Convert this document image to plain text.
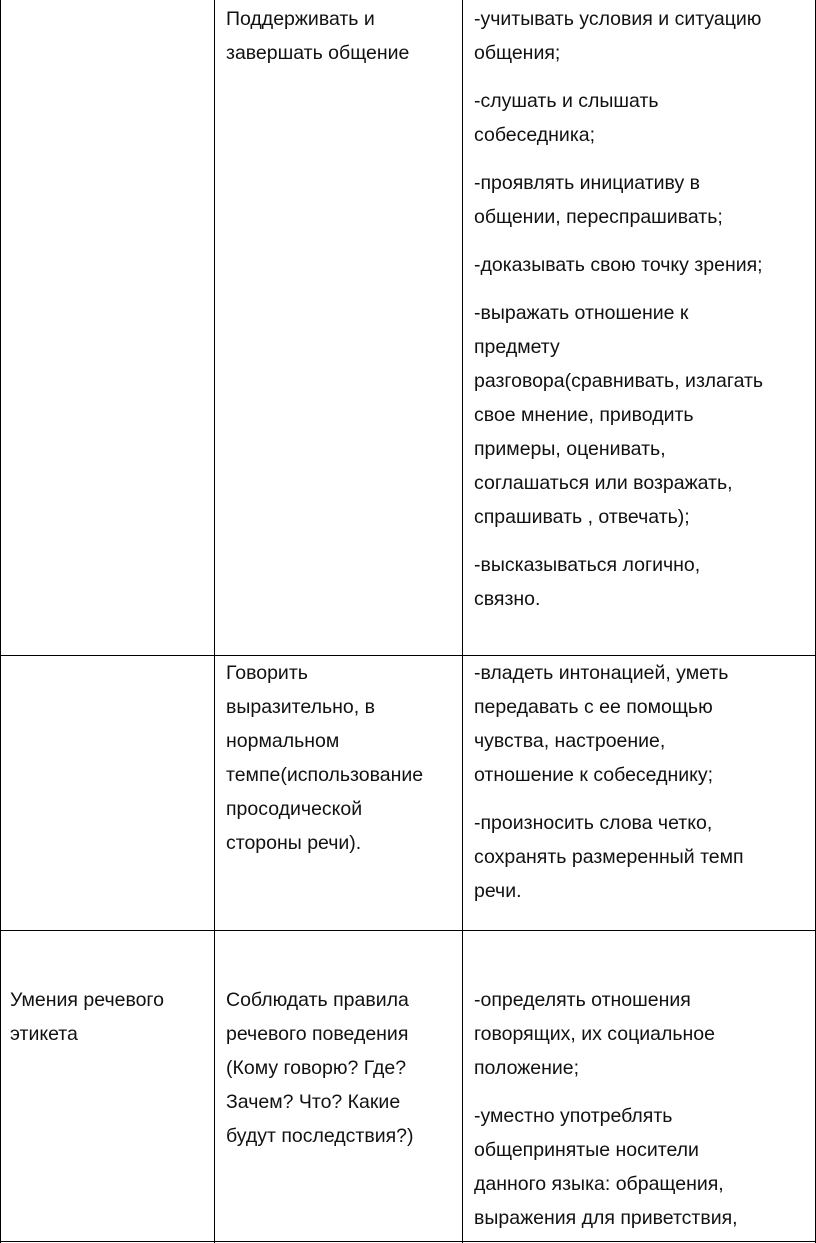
Поддерживать и
завершать общение

-учитывать условия и ситуацию
общения;

-слушать и слышать
собеседника;

-проявлять инициативу в
общении, переспрашивать;

-доказывать свою точку зрения;

-выражать отношение к
предмету
разговора(сравнивать, излагать
свое мнение, приводить
примеры, оценивать,
соглашаться или возражать,
спрашивать , отвечать);

-высказываться логично,
связно.

Говорить
выразительно, в
нормальном
темпе(использование
просодической
стороны речи).

-владеть интонацией, уметь
передавать с ее помощью
чувства, настроение,
отношение к собеседнику;

-произносить слова четко,
сохранять размеренный темп
речи.

Умения речевого
этикета

Соблюдать правила
речевого поведения
(Кому говорю? Где?
Зачем? Что? Какие
будут последствия?)

-определять отношения
говорящих, их социальное
положение;

-уместно употреблять
общепринятые носители
данного языка: обращения,
выражения для приветствия,
